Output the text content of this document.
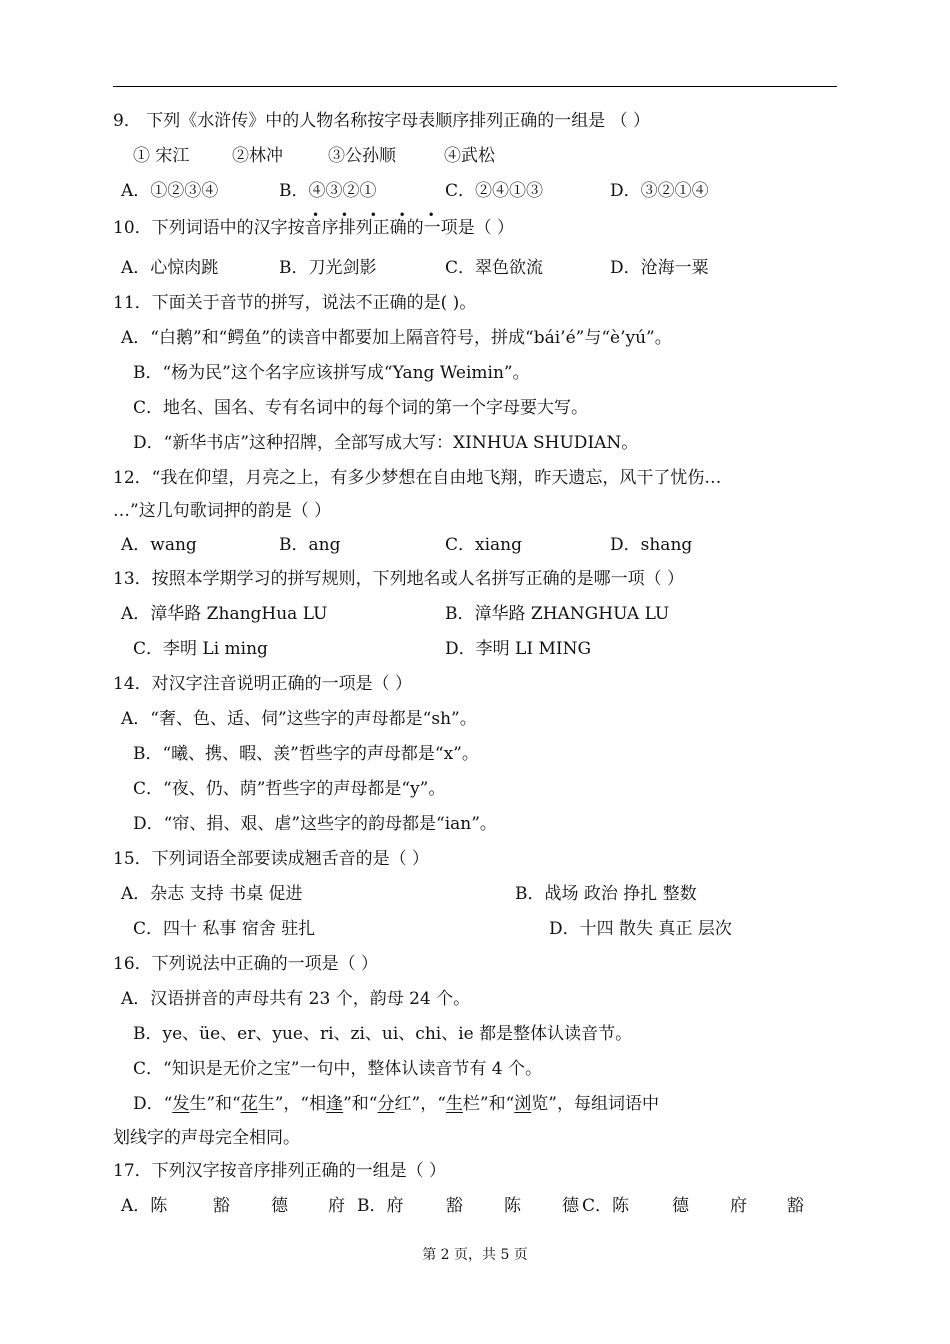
9． 下列《水浒传》中的人物名称按字母表顺序排列正确的一组是 （ ）
① 宋江	②林冲	③公孙顺	④武松
A．①②③④	B．④③②①	C．②④①③	D．③②①④
• • • • •
10．下列词语中的汉字按音序排列正确的一项是（ ）
A．心惊肉跳	B．刀光剑影	C．翠色欲流	D．沧海一粟
11．下面关于音节的拼写，说法不正确的是( )。
A．“白鹅”和“鳄鱼”的读音中都要加上隔音符号，拼成“bái’é”与“è’yú”。
B．“杨为民”这个名字应该拼写成“Yang Weimin”。
C．地名、国名、专有名词中的每个词的第一个字母要大写。
D．“新华书店”这种招牌，全部写成大写：XINHUA SHUDIAN。
12．“我在仰望，月亮之上，有多少梦想在自由地飞翔，昨天遗忘，风干了忧伤…
…”这几句歌词押的韵是（ ）
A．wang	B．ang	C．xiang	D．shang
13．按照本学期学习的拼写规则，下列地名或人名拼写正确的是哪一项（ ）
A．漳华路 ZhangHua LU	B．漳华路 ZHANGHUA LU
C．李明 Li ming	D．李明 LI MING
14．对汉字注音说明正确的一项是（ ）
A．“奢、色、适、伺”这些字的声母都是“sh”。
B．“曦、携、暇、羡”哲些字的声母都是“x”。
C．“夜、仍、荫”哲些字的声母都是“y”。
D．“帘、捐、艰、虐”这些字的韵母都是“ian”。
15．下列词语全部要读成翘舌音的是（ ）
A．杂志 支持 书桌 促进	B．战场 政治 挣扎 整数
C．四十 私事 宿舍 驻扎	D．十四 散失 真正 层次
16．下列说法中正确的一项是（ ）
A．汉语拼音的声母共有 23 个，韵母 24 个。
B．ye、üe、er、yue、ri、zi、ui、chi、ie 都是整体认读音节。
C．“知识是无价之宝”一句中，整体认读音节有 4 个。
D．“发生”和“花生”，“相逢”和“分红”，“生栏”和“浏览”，每组词语中
划线字的声母完全相同。
17．下列汉字按音序排列正确的一组是（ ）
A．陈	豁 德 府 B．府	豁 陈 德 C．陈	德 府 豁
第 2 页，共 5 页
